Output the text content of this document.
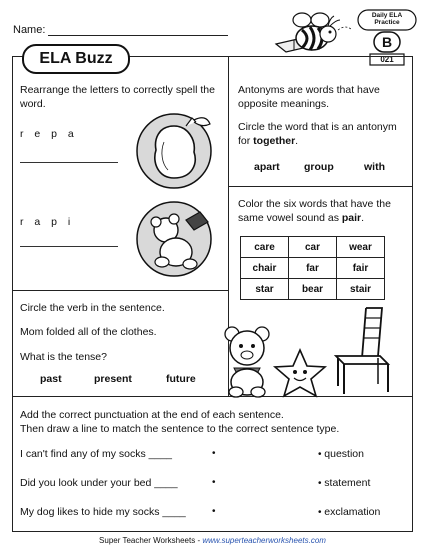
Name:
Daily ELA
Practice
B
021
ELA Buzz
Rearrange the letters to correctly spell the word.
r e p a
r a p i
Antonyms are words that have opposite meanings.
Circle the word that is an antonym for together.
apart group	with
Color the six words that have the same vowel sound as pair.
care	car	wear
chair	far	fair
star	bear	stair
Circle the verb in the sentence.
Mom folded all of the clothes.
What is the tense?
past	present	future
Add the correct punctuation at the end of each sentence.
Then draw a line to match the sentence to the correct sentence type.
I can't find any of my socks ____
Did you look under your bed ____
My dog likes to hide my socks ____
•
•
•
• question
• statement
• exclamation
Super Teacher Worksheets - www.superteacherworksheets.com
